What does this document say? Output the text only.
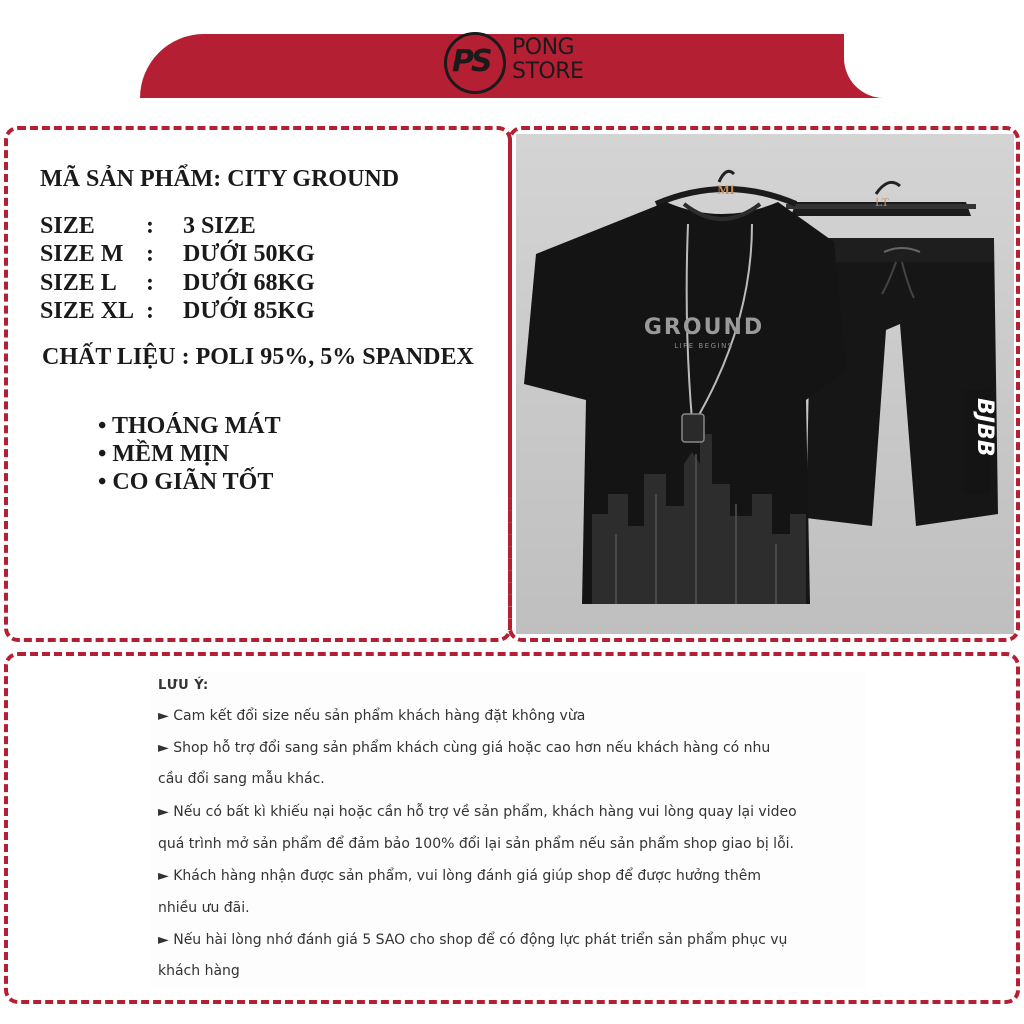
PS PONG
STORE
MÃ SẢN PHẨM: CITY GROUND
SIZE : 3 SIZE
SIZE M : DƯỚI 50KG
SIZE L : DƯỚI 68KG
SIZE XL : DƯỚI 85KG
CHẤT LIỆU : POLI 95%, 5% SPANDEX
• THOÁNG MÁT
• MỀM MỊN
• CO GIÃN TỐT
LT
BJBB
MI
GROUND
LIFE BEGINS
LƯU Ý:
► Cam kết đổi size nếu sản phẩm khách hàng đặt không vừa
► Shop hỗ trợ đổi sang sản phẩm khách cùng giá hoặc cao hơn nếu khách hàng có nhu
cầu đổi sang mẫu khác.
► Nếu có bất kì khiếu nại hoặc cần hỗ trợ về sản phẩm, khách hàng vui lòng quay lại video
quá trình mở sản phẩm để đảm bảo 100% đổi lại sản phẩm nếu sản phẩm shop giao bị lỗi.
► Khách hàng nhận được sản phẩm, vui lòng đánh giá giúp shop để được hưởng thêm
nhiều ưu đãi.
► Nếu hài lòng nhớ đánh giá 5 SAO cho shop để có động lực phát triển sản phẩm phục vụ
khách hàng
